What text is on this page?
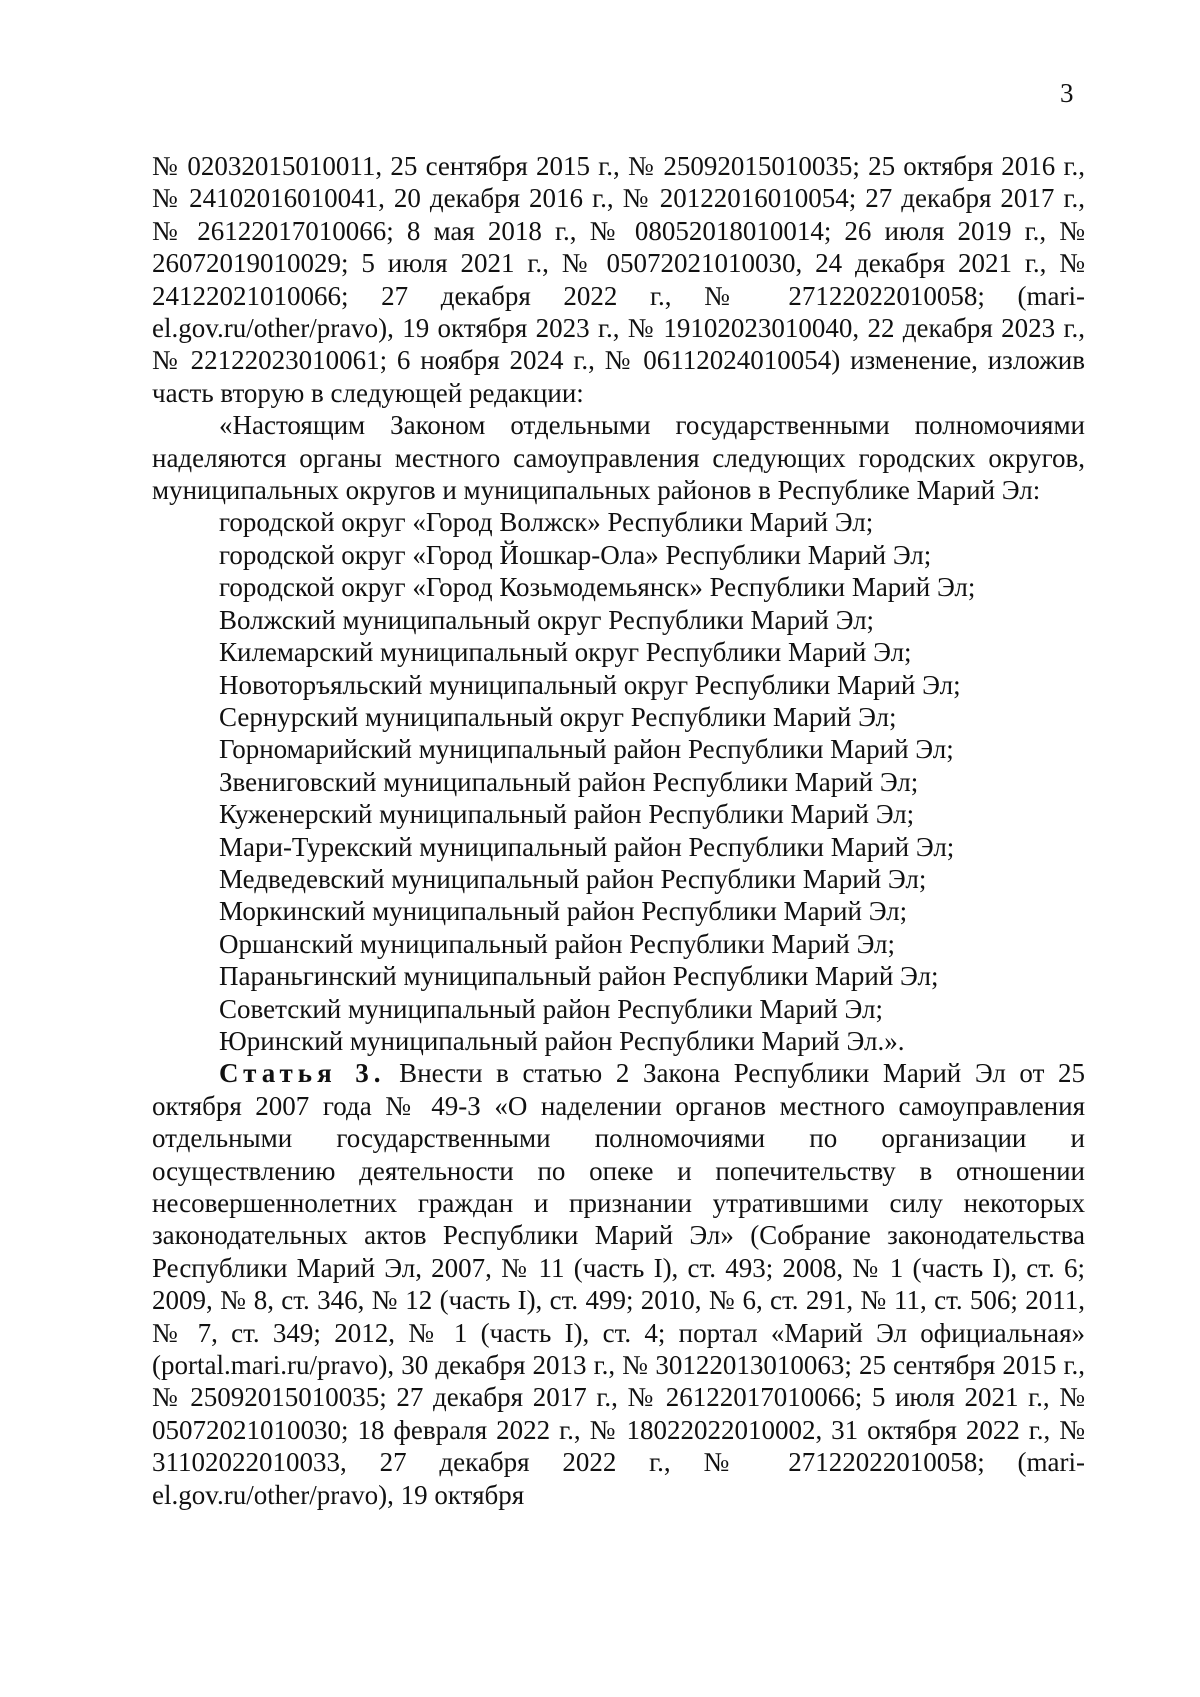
3

№ 02032015010011, 25 сентября 2015 г., № 25092015010035; 25 октября 2016 г., № 24102016010041, 20 декабря 2016 г., № 20122016010054; 27 декабря 2017 г., № 26122017010066; 8 мая 2018 г., № 08052018010014; 26 июля 2019 г., № 26072019010029; 5 июля 2021 г., № 05072021010030, 24 декабря 2021 г., № 24122021010066; 27 декабря 2022 г., № 27122022010058; (mari-el.gov.ru/other/pravo), 19 октября 2023 г., № 19102023010040, 22 декабря 2023 г., № 22122023010061; 6 ноября 2024 г., № 06112024010054) изменение, изложив часть вторую в следующей редакции:

«Настоящим Законом отдельными государственными полномочиями наделяются органы местного самоуправления следующих городских округов, муниципальных округов и муниципальных районов в Республике Марий Эл:

городской округ «Город Волжск» Республики Марий Эл;

городской округ «Город Йошкар-Ола» Республики Марий Эл;

городской округ «Город Козьмодемьянск» Республики Марий Эл;

Волжский муниципальный округ Республики Марий Эл;

Килемарский муниципальный округ Республики Марий Эл;

Новоторъяльский муниципальный округ Республики Марий Эл;

Сернурский муниципальный округ Республики Марий Эл;

Горномарийский муниципальный район Республики Марий Эл;

Звениговский муниципальный район Республики Марий Эл;

Куженерский муниципальный район Республики Марий Эл;

Мари-Турекский муниципальный район Республики Марий Эл;

Медведевский муниципальный район Республики Марий Эл;

Моркинский муниципальный район Республики Марий Эл;

Оршанский муниципальный район Республики Марий Эл;

Параньгинский муниципальный район Республики Марий Эл;

Советский муниципальный район Республики Марий Эл;

Юринский муниципальный район Республики Марий Эл.».

Статья 3. Внести в статью 2 Закона Республики Марий Эл от 25 октября 2007 года № 49-З «О наделении органов местного самоуправления отдельными государственными полномочиями по организации и осуществлению деятельности по опеке и попечительству в отношении несовершеннолетних граждан и признании утратившими силу некоторых законодательных актов Республики Марий Эл» (Собрание законодательства Республики Марий Эл, 2007, № 11 (часть I), ст. 493; 2008, № 1 (часть I), ст. 6; 2009, № 8, ст. 346, № 12 (часть I), ст. 499; 2010, № 6, ст. 291, № 11, ст. 506; 2011, № 7, ст. 349; 2012, № 1 (часть I), ст. 4; портал «Марий Эл официальная» (portal.mari.ru/pravo), 30 декабря 2013 г., № 30122013010063; 25 сентября 2015 г., № 25092015010035; 27 декабря 2017 г., № 26122017010066; 5 июля 2021 г., № 05072021010030; 18 февраля 2022 г., № 18022022010002, 31 октября 2022 г., № 31102022010033, 27 декабря 2022 г., № 27122022010058; (mari-el.gov.ru/other/pravo), 19 октября
